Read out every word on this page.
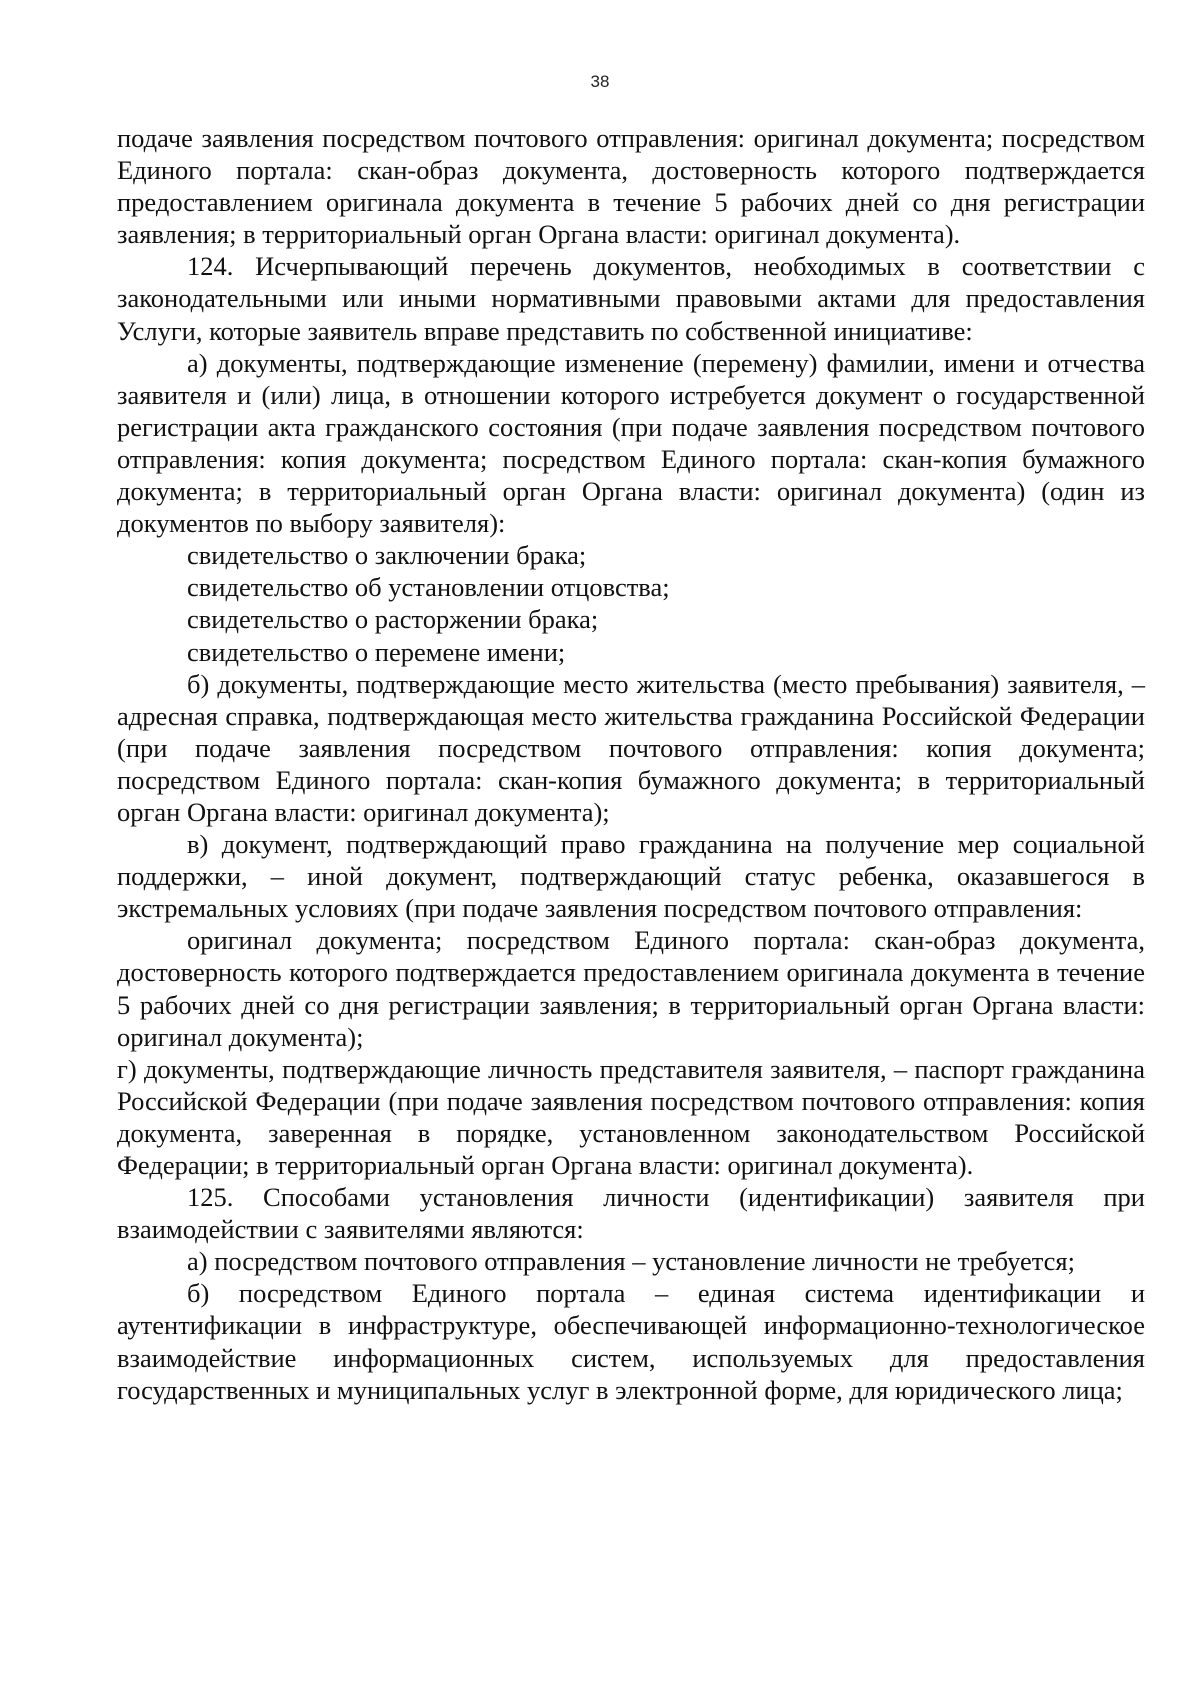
38

подаче заявления посредством почтового отправления: оригинал документа; посредством Единого портала: скан-образ документа, достоверность которого подтверждается предоставлением оригинала документа в течение 5 рабочих дней со дня регистрации заявления; в территориальный орган Органа власти: оригинал документа).

124. Исчерпывающий перечень документов, необходимых в соответствии с законодательными или иными нормативными правовыми актами для предоставления Услуги, которые заявитель вправе представить по собственной инициативе:

а) документы, подтверждающие изменение (перемену) фамилии, имени и отчества заявителя и (или) лица, в отношении которого истребуется документ о государственной регистрации акта гражданского состояния (при подаче заявления посредством почтового отправления: копия документа; посредством Единого портала: скан-копия бумажного документа; в территориальный орган Органа власти: оригинал документа) (один из документов по выбору заявителя):

свидетельство о заключении брака;

свидетельство об установлении отцовства;

свидетельство о расторжении брака;

свидетельство о перемене имени;

б) документы, подтверждающие место жительства (место пребывания) заявителя, – адресная справка, подтверждающая место жительства гражданина Российской Федерации (при подаче заявления посредством почтового отправления: копия документа; посредством Единого портала: скан-копия бумажного документа; в территориальный орган Органа власти: оригинал документа);

в) документ, подтверждающий право гражданина на получение мер социальной поддержки, – иной документ, подтверждающий статус ребенка, оказавшегося в экстремальных условиях (при подаче заявления посредством почтового отправления:

оригинал документа; посредством Единого портала: скан-образ документа, достоверность которого подтверждается предоставлением оригинала документа в течение 5 рабочих дней со дня регистрации заявления; в территориальный орган Органа власти: оригинал документа);

г) документы, подтверждающие личность представителя заявителя, – паспорт гражданина Российской Федерации (при подаче заявления посредством почтового отправления: копия документа, заверенная в порядке, установленном законодательством Российской Федерации; в территориальный орган Органа власти: оригинал документа).

125. Способами установления личности (идентификации) заявителя при взаимодействии с заявителями являются:

а) посредством почтового отправления – установление личности не требуется;

б) посредством Единого портала – единая система идентификации и аутентификации в инфраструктуре, обеспечивающей информационно-технологическое взаимодействие информационных систем, используемых для предоставления государственных и муниципальных услуг в электронной форме, для юридического лица;
